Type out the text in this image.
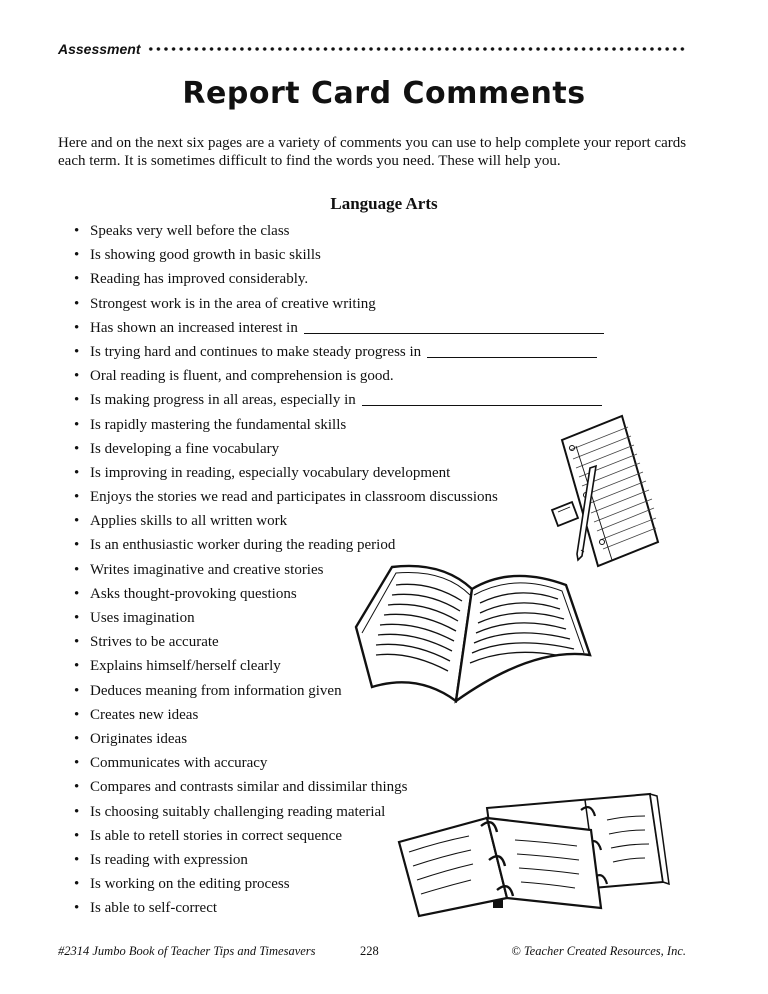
Assessment
Report Card Comments
Here and on the next six pages are a variety of comments you can use to help complete your report cards each term. It is sometimes difficult to find the words you need. These will help you.
Language Arts
• Speaks very well before the class
• Is showing good growth in basic skills
• Reading has improved considerably.
• Strongest work is in the area of creative writing
• Has shown an increased interest in
• Is trying hard and continues to make steady progress in
• Oral reading is fluent, and comprehension is good.
• Is making progress in all areas, especially in
• Is rapidly mastering the fundamental skills
• Is developing a fine vocabulary
• Is improving in reading, especially vocabulary development
• Enjoys the stories we read and participates in classroom discussions
• Applies skills to all written work
• Is an enthusiastic worker during the reading period
• Writes imaginative and creative stories
• Asks thought-provoking questions
• Uses imagination
• Strives to be accurate
• Explains himself/herself clearly
• Deduces meaning from information given
• Creates new ideas
• Originates ideas
• Communicates with accuracy
• Compares and contrasts similar and dissimilar things
• Is choosing suitably challenging reading material
• Is able to retell stories in correct sequence
• Is reading with expression
• Is working on the editing process
• Is able to self-correct
#2314 Jumbo Book of Teacher Tips and Timesavers	228	© Teacher Created Resources, Inc.
